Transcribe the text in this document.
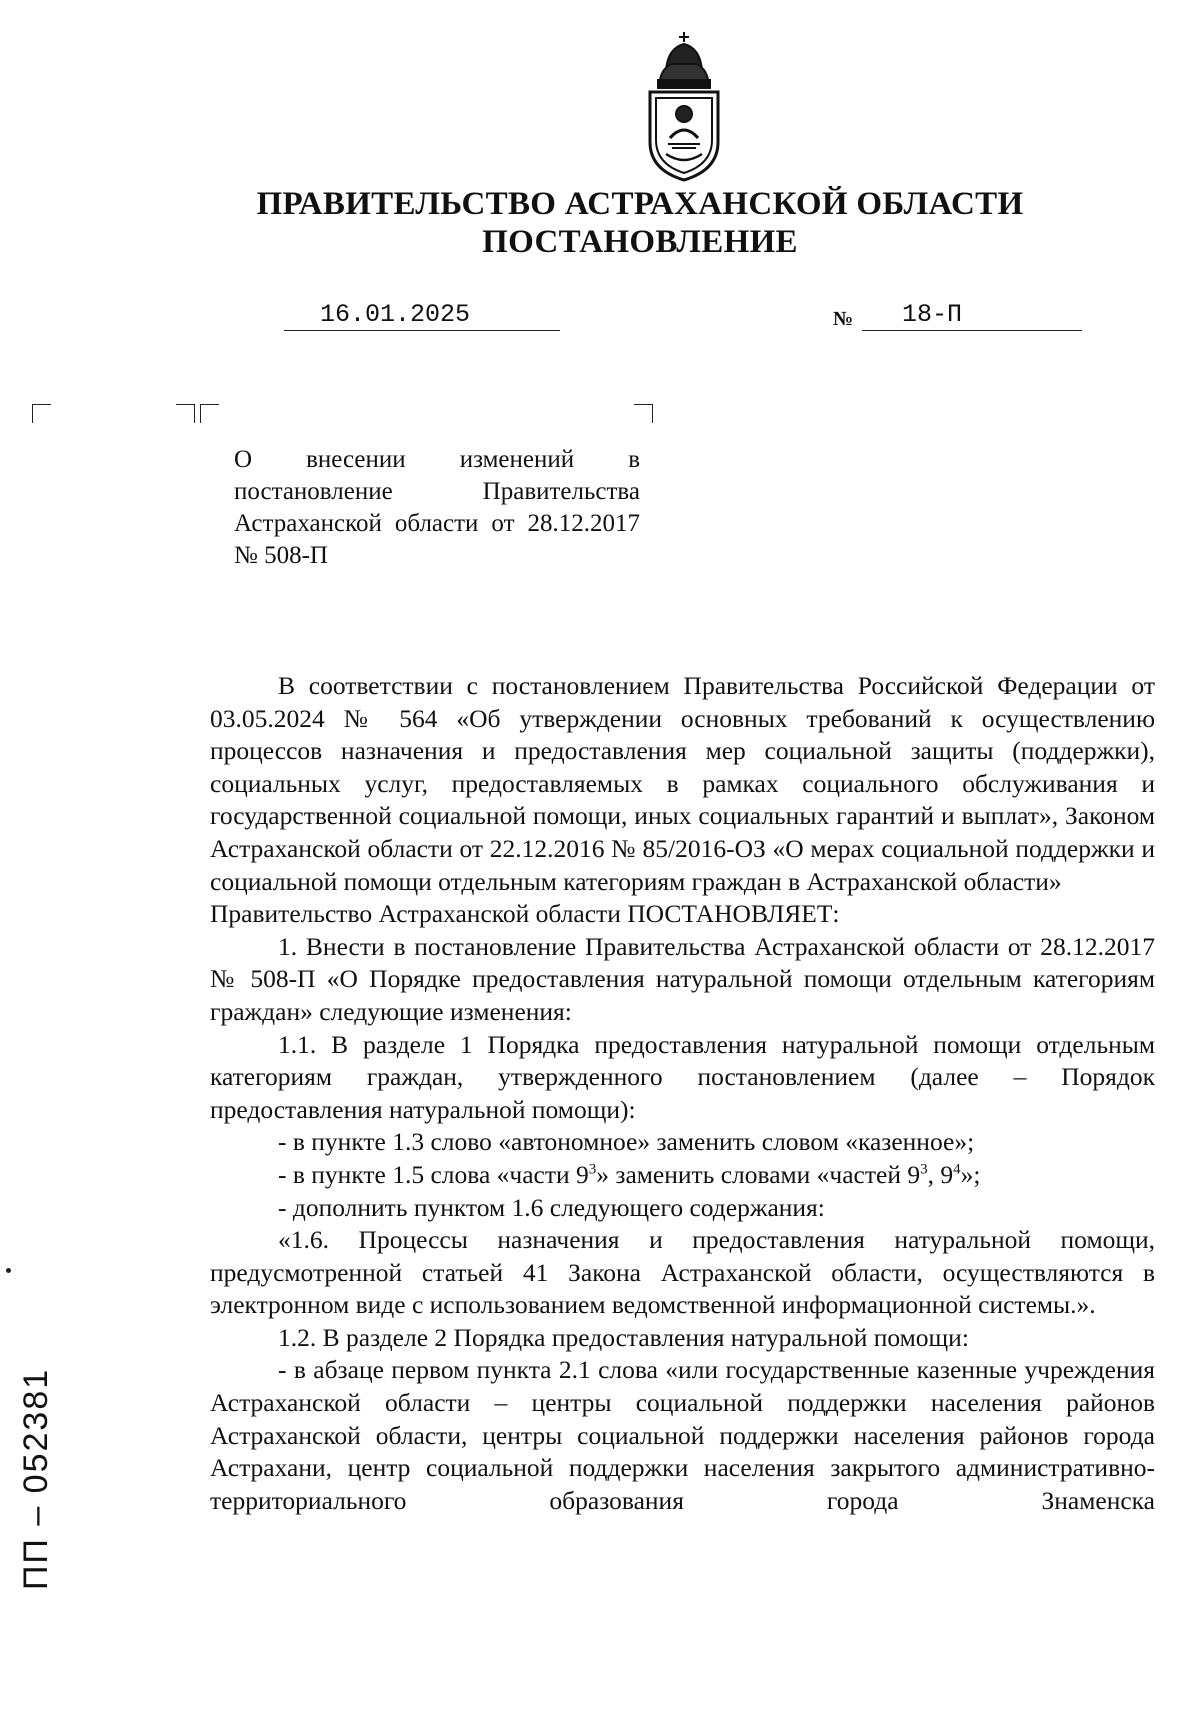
ПРАВИТЕЛЬСТВО АСТРАХАНСКОЙ ОБЛАСТИ
ПОСТАНОВЛЕНИЕ
16.01.2025	№ 18-П
О внесении изменений в постановление Правительства Астраханской области от 28.12.2017 № 508-П

В соответствии с постановлением Правительства Российской Федерации от 03.05.2024 № 564 «Об утверждении основных требований к осуществлению процессов назначения и предоставления мер социальной защиты (поддержки), социальных услуг, предоставляемых в рамках социального обслуживания и государственной социальной помощи, иных социальных гарантий и выплат», Законом Астраханской области от 22.12.2016 № 85/2016-ОЗ «О мерах социальной поддержки и социальной помощи отдельным категориям граждан в Астраханской области»

Правительство Астраханской области ПОСТАНОВЛЯЕТ:

1. Внести в постановление Правительства Астраханской области от 28.12.2017 № 508-П «О Порядке предоставления натуральной помощи отдельным категориям граждан» следующие изменения:

1.1. В разделе 1 Порядка предоставления натуральной помощи отдельным категориям граждан, утвержденного постановлением (далее – Порядок предоставления натуральной помощи):

- в пункте 1.3 слово «автономное» заменить словом «казенное»;

- в пункте 1.5 слова «части $9^3$» заменить словами «частей $9^3$, $9^4$»;

- дополнить пунктом 1.6 следующего содержания:

«1.6. Процессы назначения и предоставления натуральной помощи, предусмотренной статьей 41 Закона Астраханской области, осуществляются в электронном виде с использованием ведомственной информационной системы.».

1.2. В разделе 2 Порядка предоставления натуральной помощи:

- в абзаце первом пункта 2.1 слова «или государственные казенные учреждения Астраханской области – центры социальной поддержки населения районов Астраханской области, центры социальной поддержки населения районов города Астрахани, центр социальной поддержки населения закрытого административно-территориального образования города Знаменска

ПП – 052381
